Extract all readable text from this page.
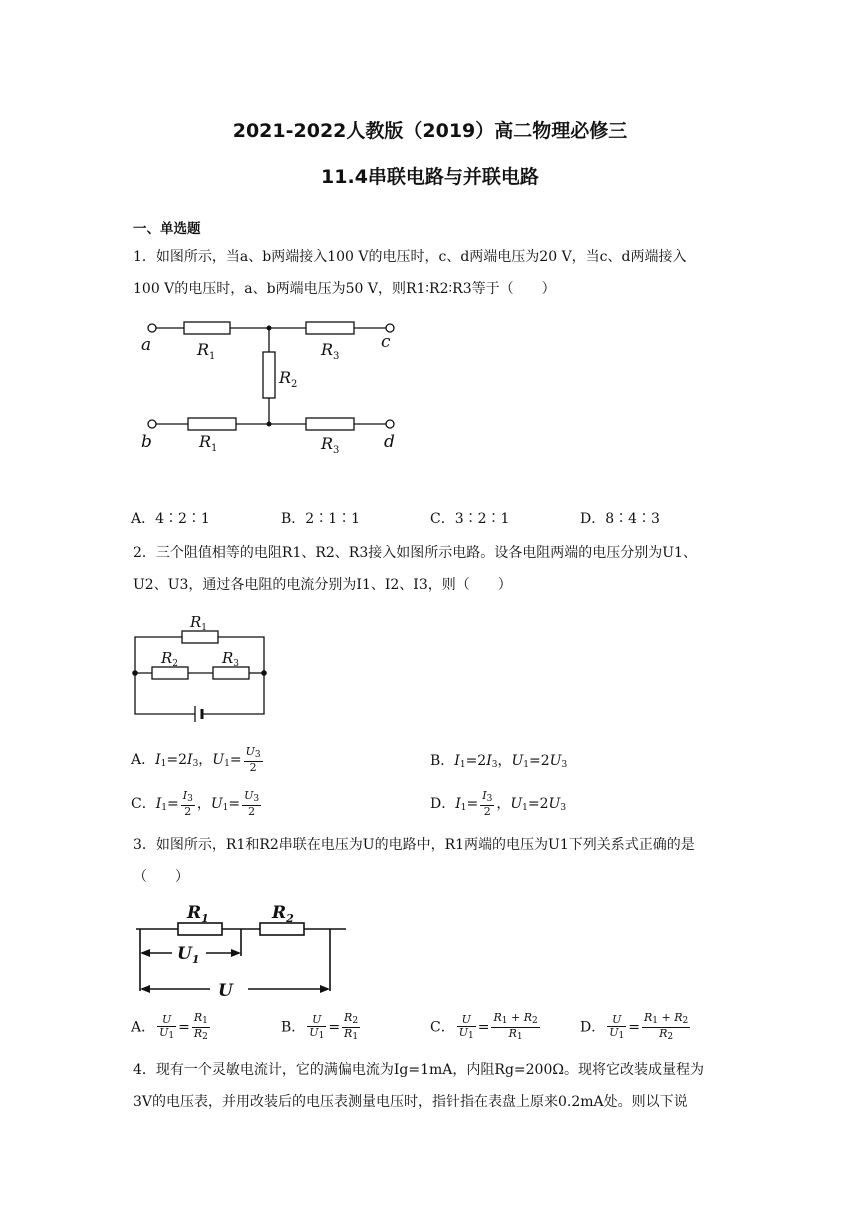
2021-2022人教版（2019）高二物理必修三
11.4串联电路与并联电路
一、单选题
1．如图所示，当a、b两端接入100 V的电压时，c、d两端电压为20 V，当c、d两端接入
100 V的电压时，a、b两端电压为50 V，则R1∶R2∶R3等于（　　）
a
b
c
d
$R_1$	$R_3$
$R_2$
$R_1$	$R_3$
A．4∶2∶1	B．2∶1∶1	C．3∶2∶1	D．8∶4∶3
2．三个阻值相等的电阻R1、R2、R3接入如图所示电路。设各电阻两端的电压分别为U1、
U2、U3，通过各电阻的电流分别为I1、I2、I3，则（　　）
$R_1$
$R_2$	$R_3$
A．$I_1=2I_3$，$U_1= \frac{U_3}{2}$	B．$I_1=2I_3$，$U_1=2U_3$
C．$I_1= \frac{I_3}{2}$ ，$U_1= \frac{U_3}{2}$	D．$I_1= \frac{I_3}{2}$ ，$U_1=2U_3$
3．如图所示，R1和R2串联在电压为U的电路中，R1两端的电压为U1下列关系式正确的是
（　　）
$R_1$	$R_2$
$U_1$
U
A． $\frac{U}{U_1} = \frac{R_1}{R_2}$	B． $\frac{U}{U_1} = \frac{R_2}{R_1}$	C． $\frac{U}{U_1} = \frac{R_1 + R_2}{R_1}$	D． $\frac{U}{U_1} = \frac{R_1 + R_2}{R_2}$
4．现有一个灵敏电流计，它的满偏电流为Ig=1mA，内阻Rg=200Ω。现将它改装成量程为
3V的电压表，并用改装后的电压表测量电压时，指针指在表盘上原来0.2mA处。则以下说
